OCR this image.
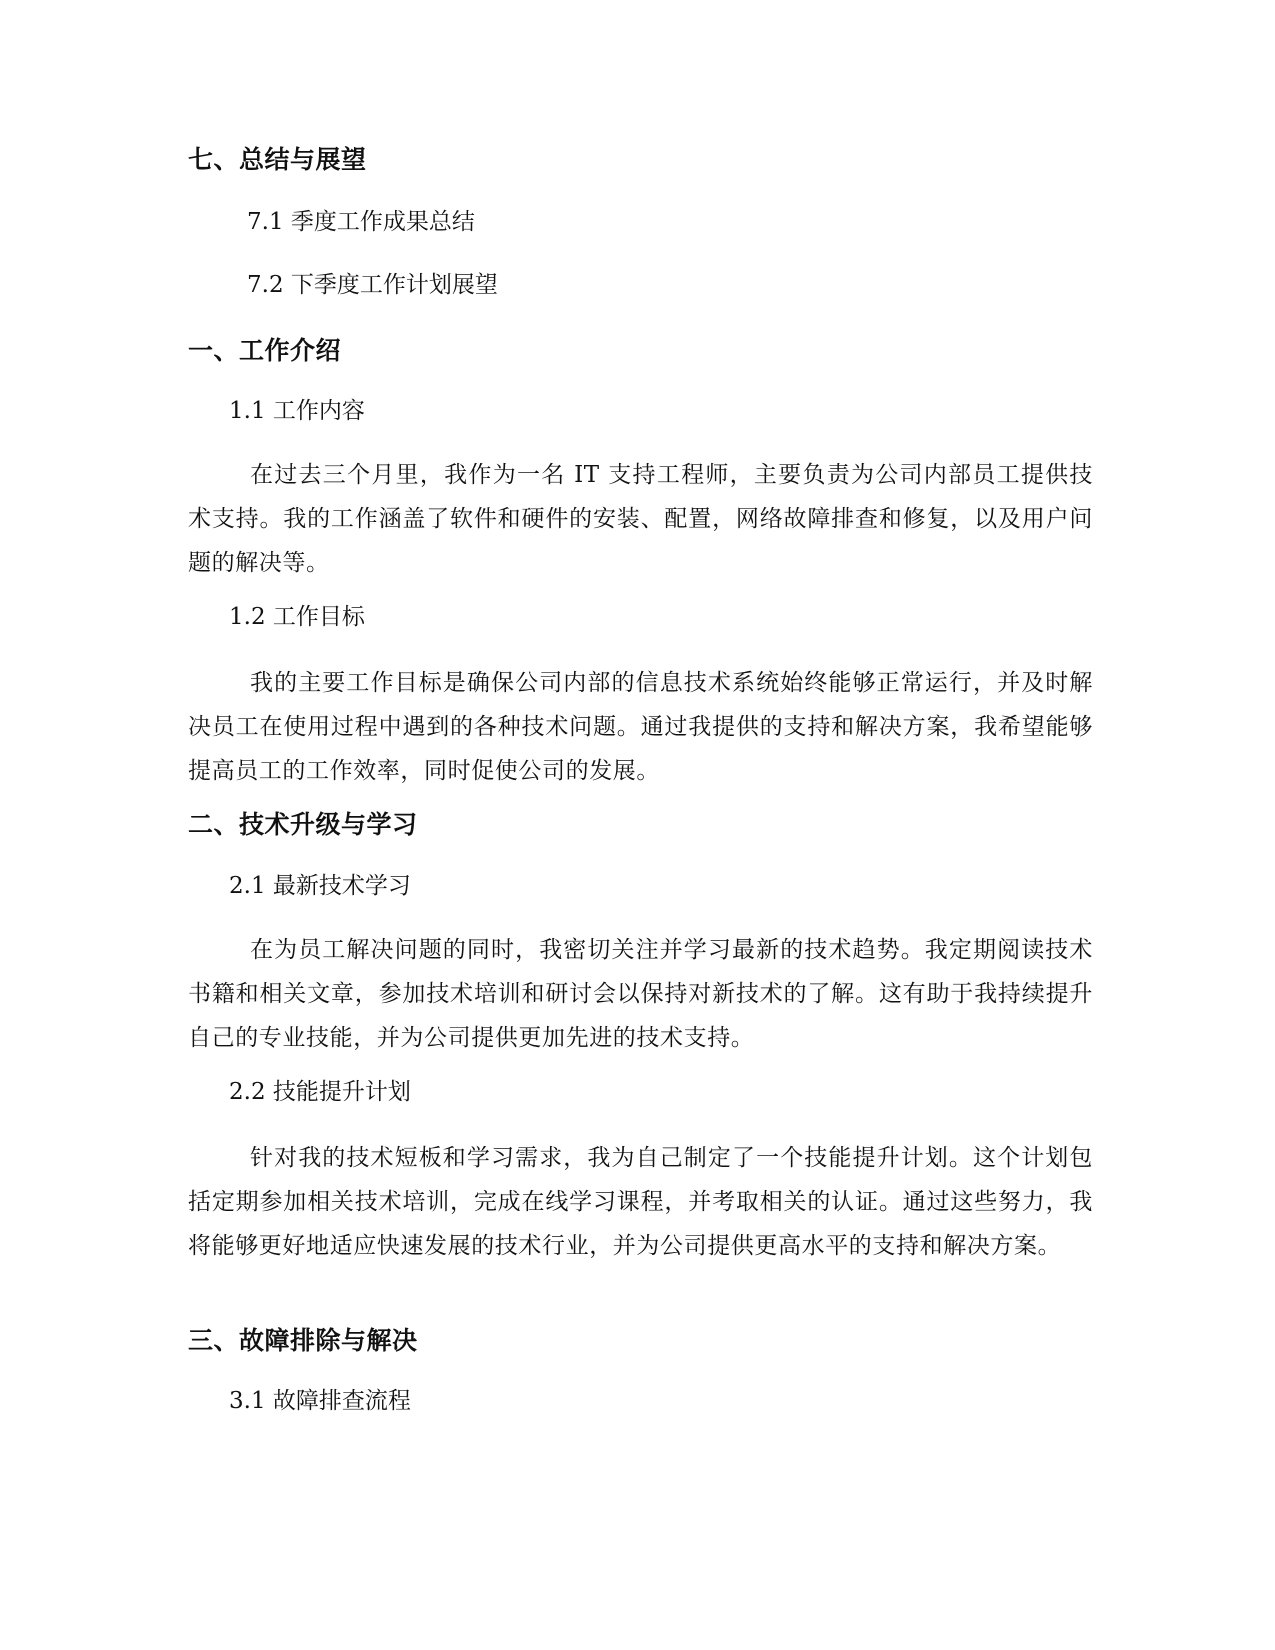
七、总结与展望
7.1 季度工作成果总结
7.2 下季度工作计划展望
一、工作介绍
1.1 工作内容
在过去三个月里，我作为一名 IT 支持工程师，主要负责为公司内部员工提供技术支持。我的工作涵盖了软件和硬件的安装、配置，网络故障排查和修复，以及用户问题的解决等。
1.2 工作目标
我的主要工作目标是确保公司内部的信息技术系统始终能够正常运行，并及时解决员工在使用过程中遇到的各种技术问题。通过我提供的支持和解决方案，我希望能够提高员工的工作效率，同时促使公司的发展。
二、技术升级与学习
2.1 最新技术学习
在为员工解决问题的同时，我密切关注并学习最新的技术趋势。我定期阅读技术书籍和相关文章，参加技术培训和研讨会以保持对新技术的了解。这有助于我持续提升自己的专业技能，并为公司提供更加先进的技术支持。
2.2 技能提升计划
针对我的技术短板和学习需求，我为自己制定了一个技能提升计划。这个计划包括定期参加相关技术培训，完成在线学习课程，并考取相关的认证。通过这些努力，我将能够更好地适应快速发展的技术行业，并为公司提供更高水平的支持和解决方案。
三、故障排除与解决
3.1 故障排查流程
